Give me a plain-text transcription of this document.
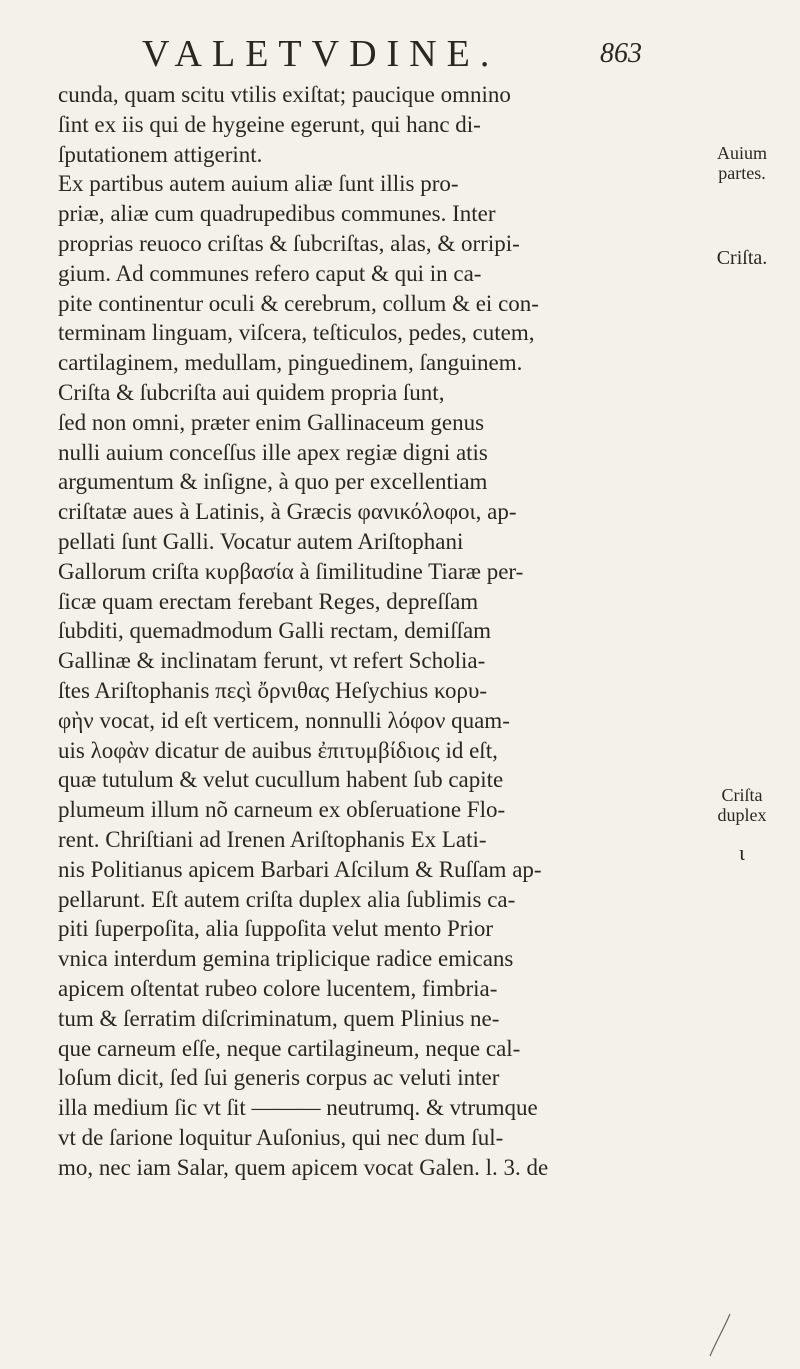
VALETVDINE.	863
cunda, quam scitu vtilis exiſtat; paucique omnino
ſint ex iis qui de hygeine egerunt, qui hanc di-
ſputationem attigerint.
Ex partibus autem auium aliæ ſunt illis pro-
priæ, aliæ cum quadrupedibus communes. Inter
proprias reuoco criſtas & ſubcriſtas, alas, & orripi-
gium. Ad communes refero caput & qui in ca-
pite continentur oculi & cerebrum, collum & ei con-
terminam linguam, viſcera, teſticulos, pedes, cutem,
cartilaginem, medullam, pinguedinem, ſanguinem.
Criſta & ſubcriſta aui quidem propria ſunt,
ſed non omni, præter enim Gallinaceum genus
nulli auium conceſſus ille apex regiæ digni atis
argumentum & inſigne, à quo per excellentiam
criſtatæ aues à Latinis, à Græcis φανικόλοφοι, ap-
pellati ſunt Galli. Vocatur autem Ariſtophani
Gallorum criſta κυρβασία à ſimilitudine Tiaræ per-
ſicæ quam erectam ferebant Reges, depreſſam
ſubditi, quemadmodum Galli rectam, demiſſam
Gallinæ & inclinatam ferunt, vt refert Scholia-
ſtes Ariſtophanis πεςὶ ὄρνιθας Heſychius κορυ-
φὴν vocat, id eſt verticem, nonnulli λόφον quam-
uis λοφὰν dicatur de auibus ἐπιτυμβίδιοις id eſt,
quæ tutulum & velut cucullum habent ſub capite
plumeum illum nõ carneum ex obſeruatione Flo-
rent. Chriſtiani ad Irenen Ariſtophanis Ex Lati-
nis Politianus apicem Barbari Aſcilum & Ruſſam ap-
pellarunt. Eſt autem criſta duplex alia ſublimis ca-
piti ſuperpoſita, alia ſuppoſita velut mento Prior
vnica interdum gemina triplicique radice emicans
apicem oſtentat rubeo colore lucentem, fimbria-
tum & ſerratim diſcriminatum, quem Plinius ne-
que carneum eſſe, neque cartilagineum, neque cal-
loſum dicit, ſed ſui generis corpus ac veluti inter
illa medium ſic vt ſit ——— neutrumq. & vtrumque
vt de ſarione loquitur Auſonius, qui nec dum ſul-
mo, nec iam Salar, quem apicem vocat Galen. l. 3. de
Auium partes.
Criſta.
Criſta duplex
ι
